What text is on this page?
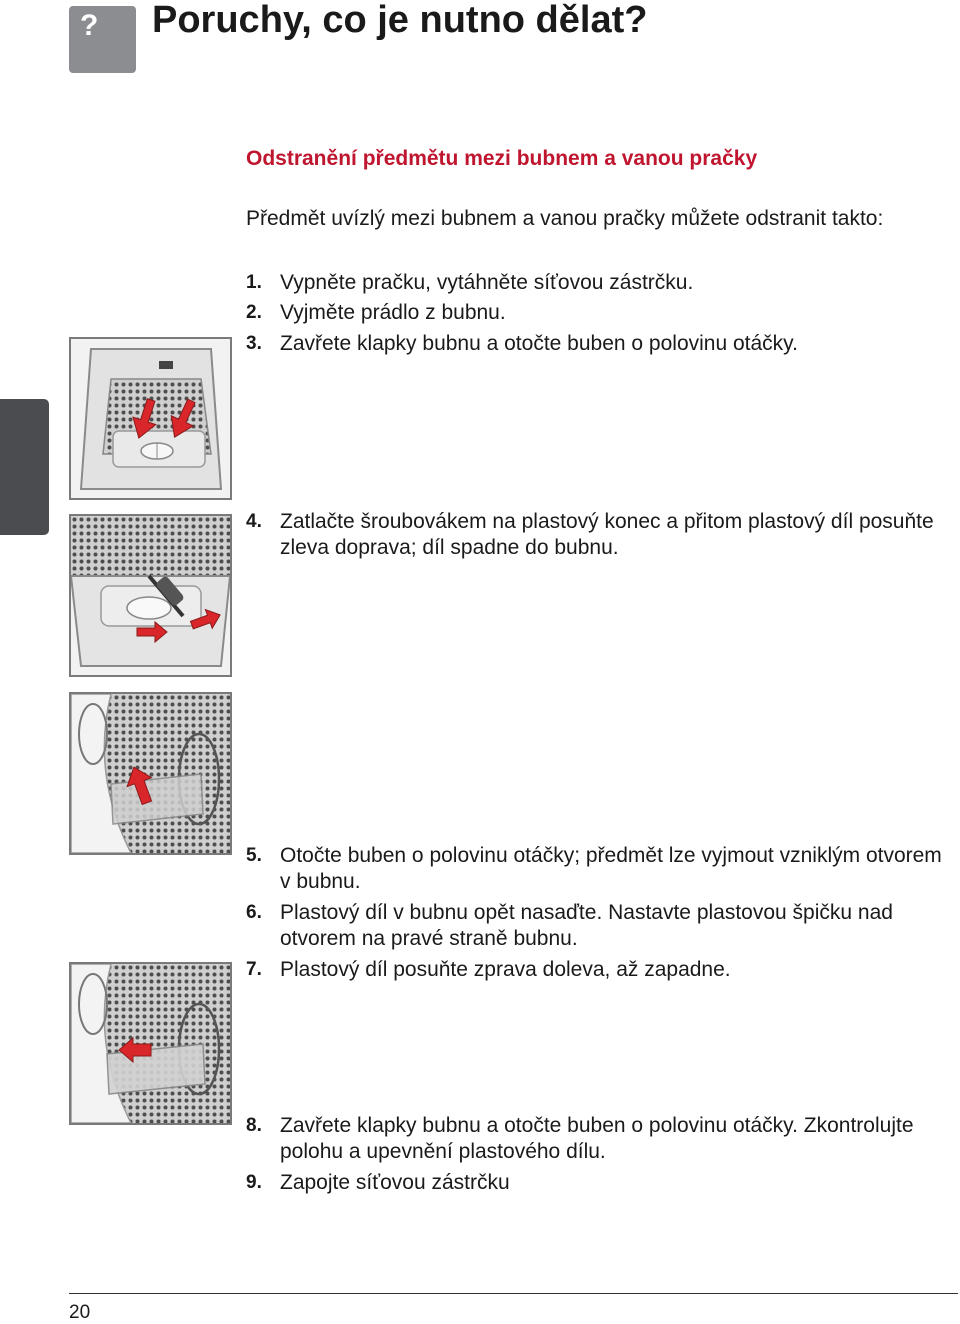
? Poruchy, co je nutno dělat?
Odstranění předmětu mezi bubnem a vanou pračky

Předmět uvízlý mezi bubnem a vanou pračky můžete odstranit takto:

1. Vypněte pračku, vytáhněte síťovou zástrčku.
2. Vyjměte prádlo z bubnu.
3. Zavřete klapky bubnu a otočte buben o polovinu otáčky.
4. Zatlačte šroubovákem na plastový konec a přitom plastový díl posuňte zleva doprava; díl spadne do bubnu.
5. Otočte buben o polovinu otáčky; předmět lze vyjmout vzniklým otvorem v bubnu.
6. Plastový díl v bubnu opět nasaďte. Nastavte plastovou špičku nad otvorem na pravé straně bubnu.
7. Plastový díl posuňte zprava doleva, až zapadne.
8. Zavřete klapky bubnu a otočte buben o polovinu otáčky. Zkontrolujte polohu a upevnění plastového dílu.
9. Zapojte síťovou zástrčku
20
